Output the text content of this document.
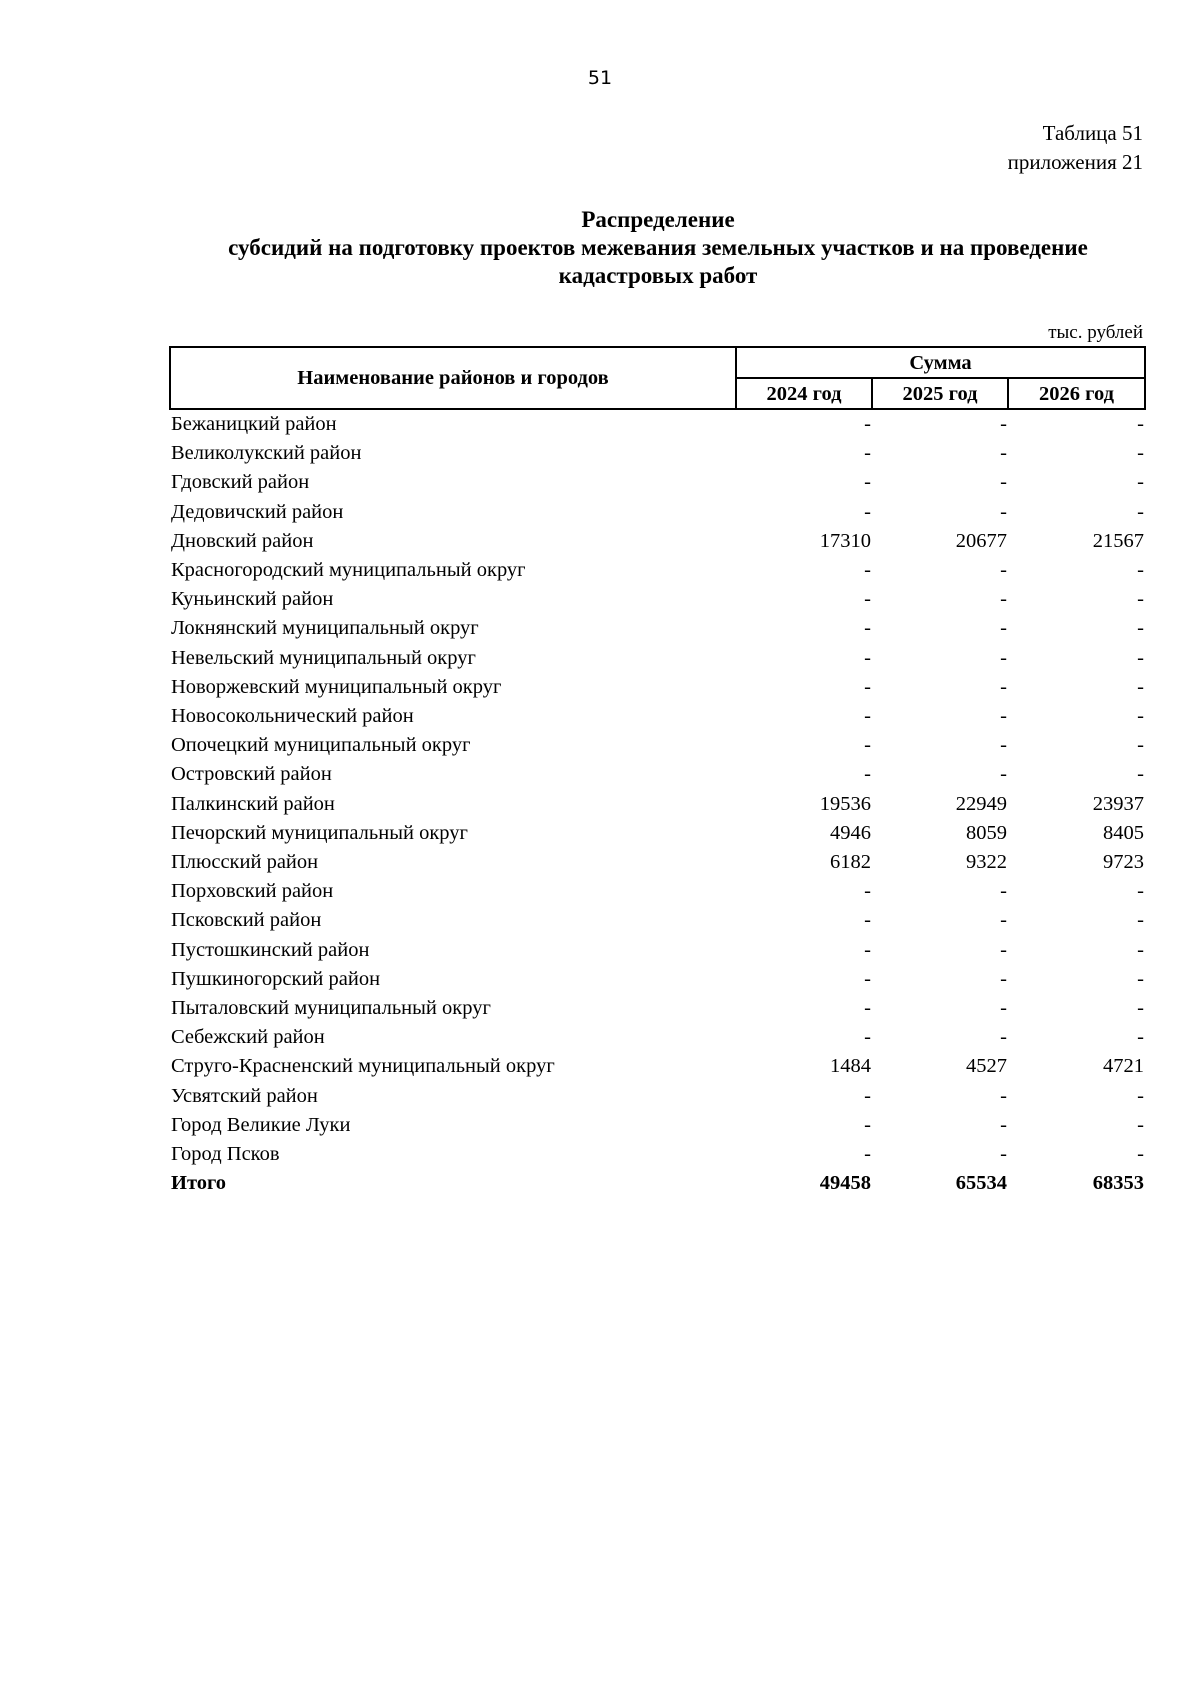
51
Таблица 51
приложения 21
Распределение
субсидий на подготовку проектов межевания земельных участков и на проведение
кадастровых работ
тыс. рублей
Наименование районов и городов	Сумма		
	2024 год	2025 год	2026 год
Бежаницкий район	-	-	-
Великолукский район	-	-	-
Гдовский район	-	-	-
Дедовичский район	-	-	-
Дновский район	17310	20677	21567
Красногородский муниципальный округ	-	-	-
Куньинский район	-	-	-
Локнянский муниципальный округ	-	-	-
Невельский муниципальный округ	-	-	-
Новоржевский муниципальный округ	-	-	-
Новосокольнический район	-	-	-
Опочецкий муниципальный округ	-	-	-
Островский район	-	-	-
Палкинский район	19536	22949	23937
Печорский муниципальный округ	4946	8059	8405
Плюсский район	6182	9322	9723
Порховский район	-	-	-
Псковский район	-	-	-
Пустошкинский район	-	-	-
Пушкиногорский район	-	-	-
Пыталовский муниципальный округ	-	-	-
Себежский район	-	-	-
Струго-Красненский муниципальный округ	1484	4527	4721
Усвятский район	-	-	-
Город Великие Луки	-	-	-
Город Псков	-	-	-
Итого	49458	65534	68353
